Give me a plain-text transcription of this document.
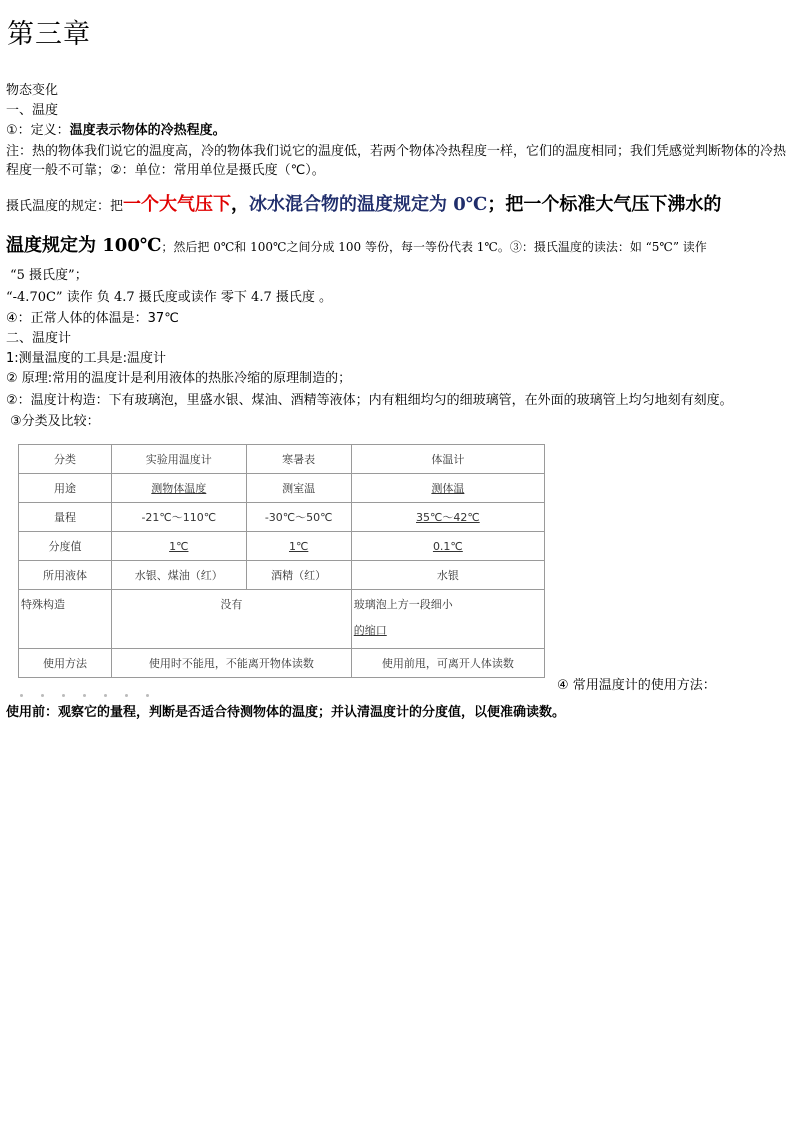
第三章
物态变化
一、温度
①：定义：温度表示物体的冷热程度。
注：热的物体我们说它的温度高，冷的物体我们说它的温度低，若两个物体冷热程度一样，它们的温度相同；我们凭感觉判断物体的冷热程度一般不可靠；②：单位：常用单位是摄氏度（℃）。
摄氏温度的规定：把一个大气压下，冰水混合物的温度规定为 0℃；把一个标准大气压下沸水的
温度规定为 100℃；然后把 0℃和 100℃之间分成 100 等份，每一等份代表 1℃。③：摄氏温度的读法：如 “5℃” 读作
“5 摄氏度”；
“-4.70C” 读作 负 4.7 摄氏度或读作 零下 4.7 摄氏度 。
④：正常人体的体温是：37℃
二、温度计
1:测量温度的工具是:温度计
② 原理:常用的温度计是利用液体的热胀冷缩的原理制造的；
②：温度计构造：下有玻璃泡，里盛水银、煤油、酒精等液体；内有粗细均匀的细玻璃管，在外面的玻璃管上均匀地刻有刻度。
③分类及比较：
分类	实验用温度计	寒暑表	体温计
用途	测物体温度	测室温	测体温
量程	-21℃～110℃	-30℃～50℃	35℃～42℃
分度值	1℃	1℃	0.1℃
所用液体	水银、煤油（红）	酒精（红）	水银
特殊构造	没有		玻璃泡上方一段细小
的缩口

使用方法	使用时不能甩，不能离开物体读数		使用前甩，可离开人体读数
④ 常用温度计的使用方法：
使用前：观察它的量程，判断是否适合待测物体的温度；并认清温度计的分度值，以便准确读数。
